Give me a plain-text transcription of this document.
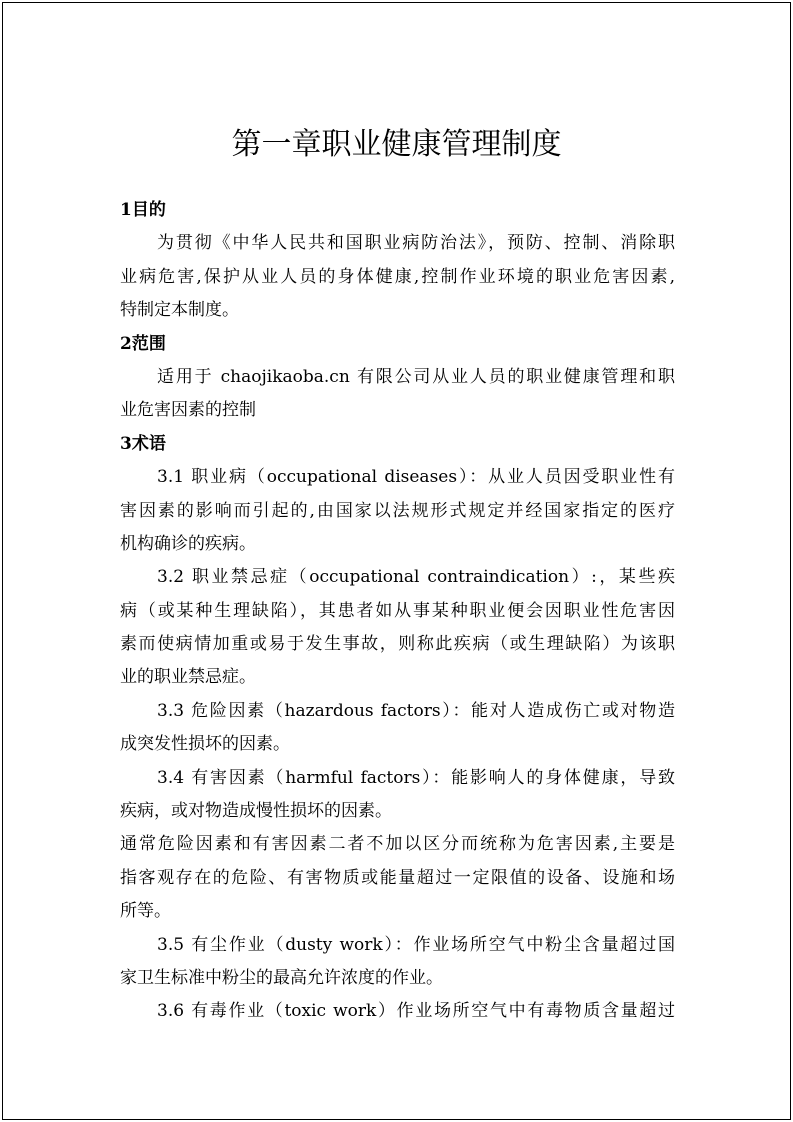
第一章职业健康管理制度
1目的
为贯彻《中华人民共和国职业病防治法》，预防、控制、消除职
业病危害,保护从业人员的身体健康,控制作业环境的职业危害因素,
特制定本制度。
2范围
适用于 chaojikaoba.cn 有限公司从业人员的职业健康管理和职
业危害因素的控制
3术语
3.1 职业病（occupational diseases）：从业人员因受职业性有
害因素的影响而引起的,由国家以法规形式规定并经国家指定的医疗
机构确诊的疾病。
3.2 职业禁忌症（occupational contraindication）:，某些疾
病（或某种生理缺陷），其患者如从事某种职业便会因职业性危害因
素而使病情加重或易于发生事故，则称此疾病（或生理缺陷）为该职
业的职业禁忌症。
3.3 危险因素（hazardous factors）：能对人造成伤亡或对物造
成突发性损坏的因素。
3.4 有害因素（harmful factors）：能影响人的身体健康，导致
疾病，或对物造成慢性损坏的因素。
通常危险因素和有害因素二者不加以区分而统称为危害因素,主要是
指客观存在的危险、有害物质或能量超过一定限值的设备、设施和场
所等。
3.5 有尘作业（dusty work）：作业场所空气中粉尘含量超过国
家卫生标准中粉尘的最高允许浓度的作业。
3.6 有毒作业（toxic work）作业场所空气中有毒物质含量超过
